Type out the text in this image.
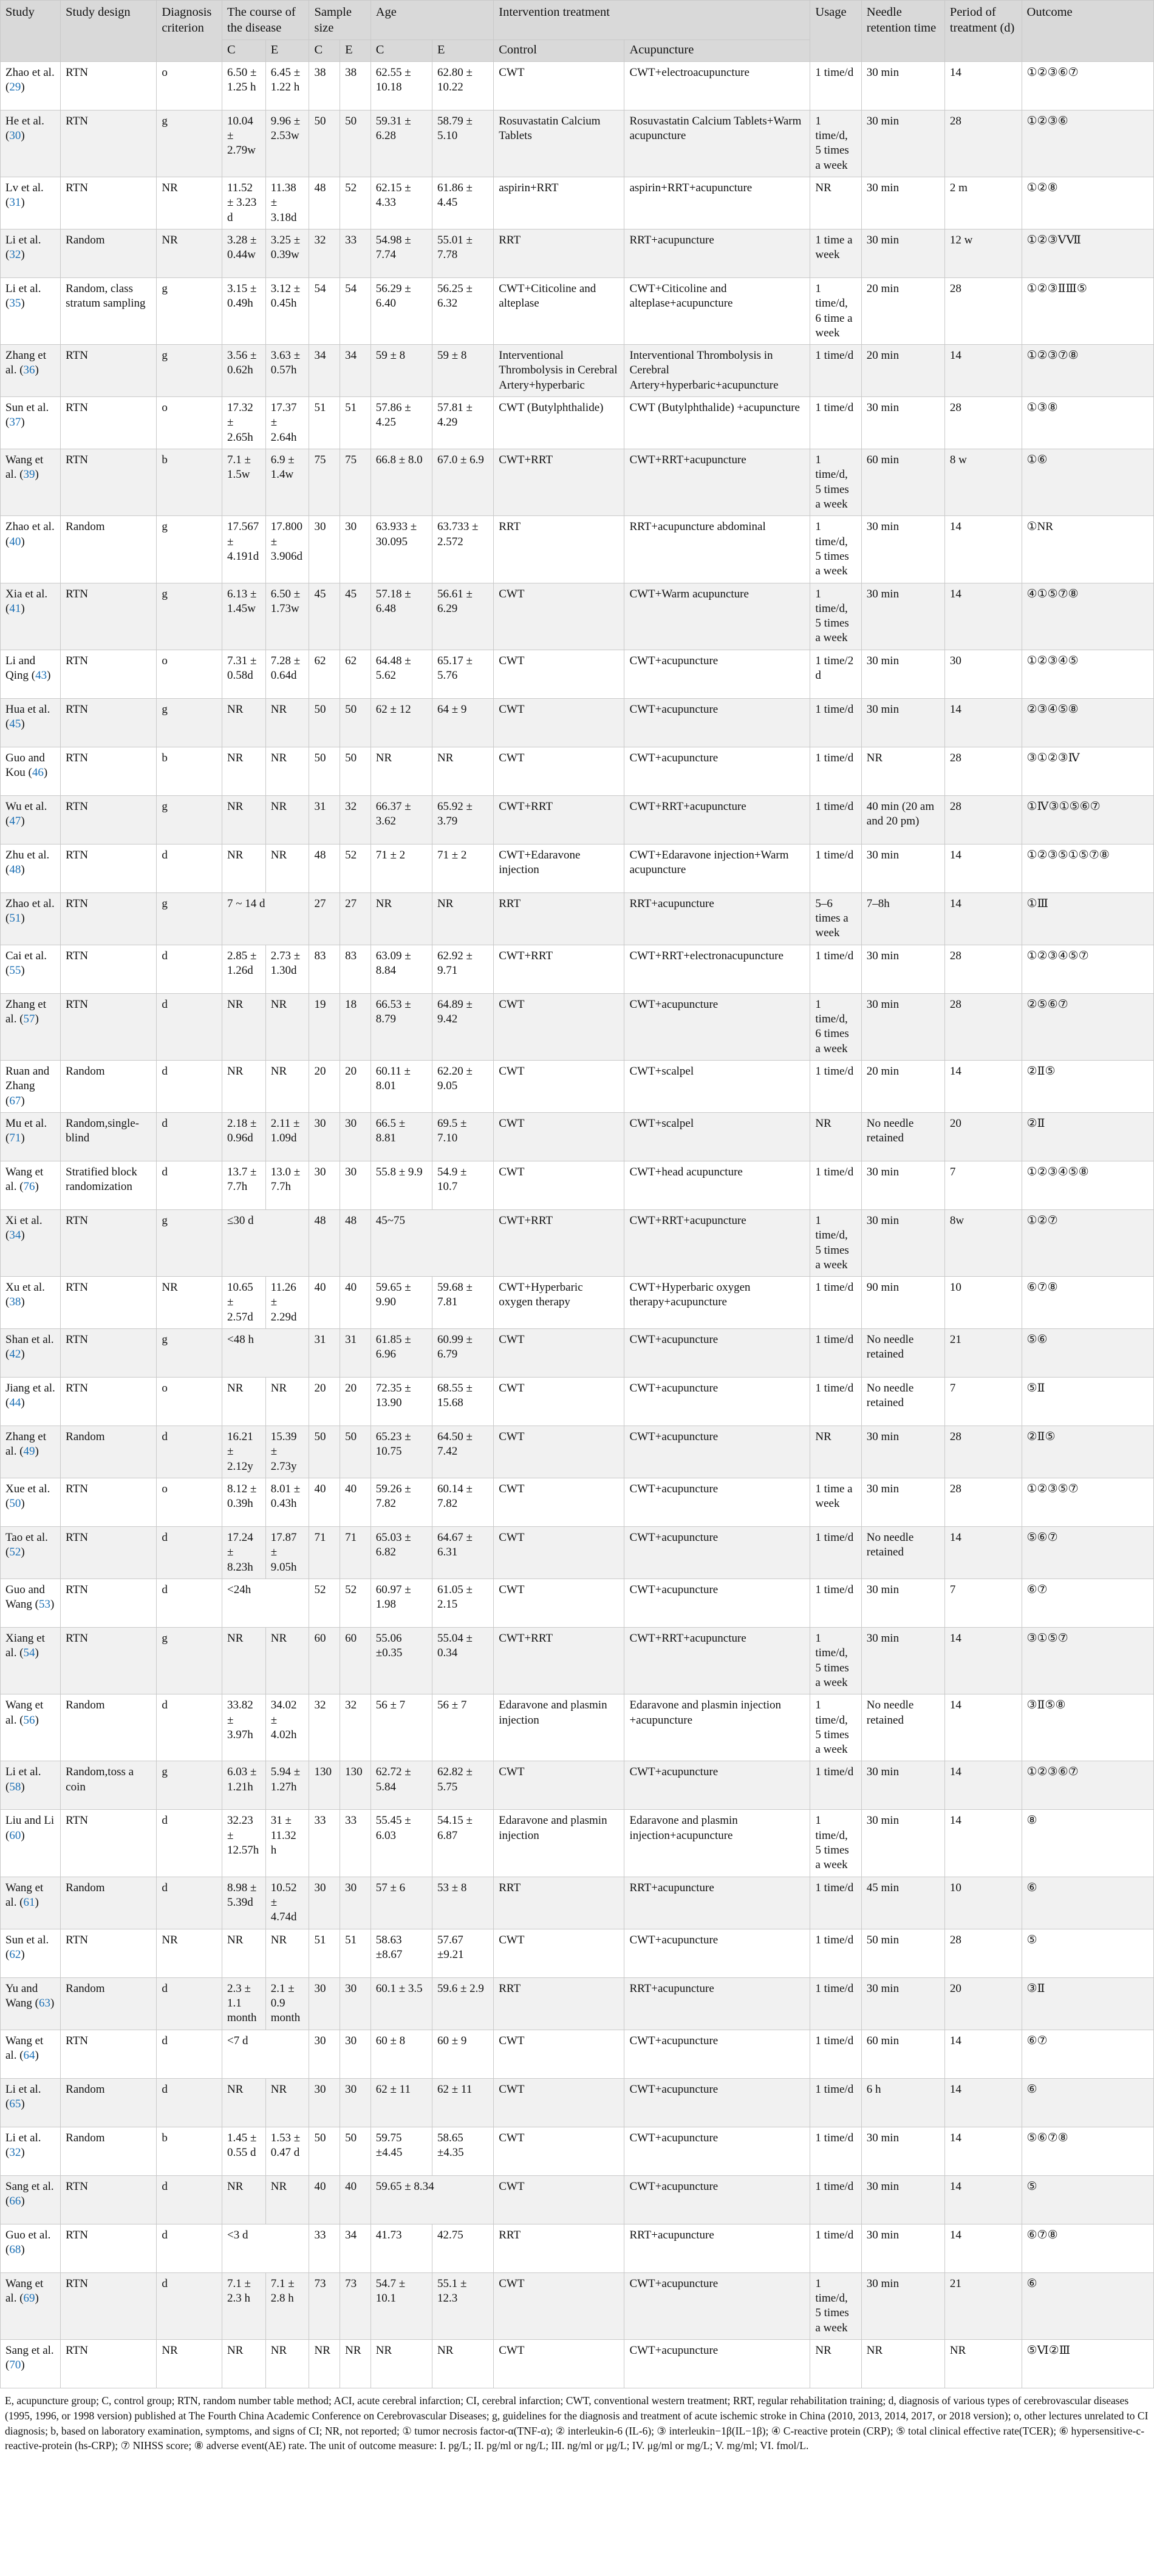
Study	Study design	Diagnosis criterion	The course of the disease		Sample size		Age		Intervention treatment		Usage	Needle retention time	Period of treatment (d)	Outcome
			C	E	C	E	C	E	Control	Acupuncture				
Zhao et al. (29)	RTN	o	6.50 ± 1.25 h	6.45 ± 1.22 h	38	38	62.55 ± 10.18	62.80 ± 10.22	CWT	CWT+electroacupuncture	1 time/d	30 min	14	①②③⑥⑦
He et al. (30)	RTN	g	10.04 ± 2.79w	9.96 ± 2.53w	50	50	59.31 ± 6.28	58.79 ± 5.10	Rosuvastatin Calcium Tablets	Rosuvastatin Calcium Tablets+Warm acupuncture	1 time/d, 5 times a week	30 min	28	①②③⑥
Lv et al. (31)	RTN	NR	11.52 ± 3.23 d	11.38 ± 3.18d	48	52	62.15 ± 4.33	61.86 ± 4.45	aspirin+RRT	aspirin+RRT+acupuncture	NR	30 min	2 m	①②⑧
Li et al. (32)	Random	NR	3.28 ± 0.44w	3.25 ± 0.39w	32	33	54.98 ± 7.74	55.01 ± 7.78	RRT	RRT+acupuncture	1 time a week	30 min	12 w	①②③ⅤⅦ
Li et al. (35)	Random, class stratum sampling	g	3.15 ± 0.49h	3.12 ± 0.45h	54	54	56.29 ± 6.40	56.25 ± 6.32	CWT+Citicoline and alteplase	CWT+Citicoline and alteplase+acupuncture	1 time/d, 6 time a week	20 min	28	①②③ⅡⅢ⑤
Zhang et al. (36)	RTN	g	3.56 ± 0.62h	3.63 ± 0.57h	34	34	59 ± 8	59 ± 8	Interventional Thrombolysis in Cerebral Artery+hyperbaric	Interventional Thrombolysis in Cerebral Artery+hyperbaric+acupuncture	1 time/d	20 min	14	①②③⑦⑧
Sun et al. (37)	RTN	o	17.32 ± 2.65h	17.37 ± 2.64h	51	51	57.86 ± 4.25	57.81 ± 4.29	CWT (Butylphthalide)	CWT (Butylphthalide) +acupuncture	1 time/d	30 min	28	①③⑧
Wang et al. (39)	RTN	b	7.1 ± 1.5w	6.9 ± 1.4w	75	75	66.8 ± 8.0	67.0 ± 6.9	CWT+RRT	CWT+RRT+acupuncture	1 time/d, 5 times a week	60 min	8 w	①⑥
Zhao et al. (40)	Random	g	17.567 ± 4.191d	17.800 ± 3.906d	30	30	63.933 ± 30.095	63.733 ± 2.572	RRT	RRT+acupuncture abdominal	1 time/d, 5 times a week	30 min	14	①NR
Xia et al. (41)	RTN	g	6.13 ± 1.45w	6.50 ± 1.73w	45	45	57.18 ± 6.48	56.61 ± 6.29	CWT	CWT+Warm acupuncture	1 time/d, 5 times a week	30 min	14	④①⑤⑦⑧
Li and Qing (43)	RTN	o	7.31 ± 0.58d	7.28 ± 0.64d	62	62	64.48 ± 5.62	65.17 ± 5.76	CWT	CWT+acupuncture	1 time/2 d	30 min	30	①②③④⑤
Hua et al. (45)	RTN	g	NR	NR	50	50	62 ± 12	64 ± 9	CWT	CWT+acupuncture	1 time/d	30 min	14	②③④⑤⑧
Guo and Kou (46)	RTN	b	NR	NR	50	50	NR	NR	CWT	CWT+acupuncture	1 time/d	NR	28	③①②③Ⅳ
Wu et al. (47)	RTN	g	NR	NR	31	32	66.37 ± 3.62	65.92 ± 3.79	CWT+RRT	CWT+RRT+acupuncture	1 time/d	40 min (20 am and 20 pm)	28	①Ⅳ③①⑤⑥⑦
Zhu et al. (48)	RTN	d	NR	NR	48	52	71 ± 2	71 ± 2	CWT+Edaravone injection	CWT+Edaravone injection+Warm acupuncture	1 time/d	30 min	14	①②③⑤①⑤⑦⑧
Zhao et al. (51)	RTN	g	7 ~ 14 d		27	27	NR	NR	RRT	RRT+acupuncture	5–6 times a week	7–8h	14	①Ⅲ
Cai et al. (55)	RTN	d	2.85 ± 1.26d	2.73 ± 1.30d	83	83	63.09 ± 8.84	62.92 ± 9.71	CWT+RRT	CWT+RRT+electronacupuncture	1 time/d	30 min	28	①②③④⑤⑦
Zhang et al. (57)	RTN	d	NR	NR	19	18	66.53 ± 8.79	64.89 ± 9.42	CWT	CWT+acupuncture	1 time/d, 6 times a week	30 min	28	②⑤⑥⑦
Ruan and Zhang (67)	Random	d	NR	NR	20	20	60.11 ± 8.01	62.20 ± 9.05	CWT	CWT+scalpel	1 time/d	20 min	14	②Ⅱ⑤
Mu et al. (71)	Random,single-blind	d	2.18 ± 0.96d	2.11 ± 1.09d	30	30	66.5 ± 8.81	69.5 ± 7.10	CWT	CWT+scalpel	NR	No needle retained	20	②Ⅱ
Wang et al. (76)	Stratified block randomization	d	13.7 ± 7.7h	13.0 ± 7.7h	30	30	55.8 ± 9.9	54.9 ± 10.7	CWT	CWT+head acupuncture	1 time/d	30 min	7	①②③④⑤⑧
Xi et al. (34)	RTN	g	≤30 d		48	48	45~75		CWT+RRT	CWT+RRT+acupuncture	1 time/d, 5 times a week	30 min	8w	①②⑦
Xu et al. (38)	RTN	NR	10.65 ± 2.57d	11.26 ± 2.29d	40	40	59.65 ± 9.90	59.68 ± 7.81	CWT+Hyperbaric oxygen therapy	CWT+Hyperbaric oxygen therapy+acupuncture	1 time/d	90 min	10	⑥⑦⑧
Shan et al. (42)	RTN	g	<48 h		31	31	61.85 ± 6.96	60.99 ± 6.79	CWT	CWT+acupuncture	1 time/d	No needle retained	21	⑤⑥
Jiang et al. (44)	RTN	o	NR	NR	20	20	72.35 ± 13.90	68.55 ± 15.68	CWT	CWT+acupuncture	1 time/d	No needle retained	7	⑤Ⅱ
Zhang et al. (49)	Random	d	16.21 ± 2.12y	15.39 ± 2.73y	50	50	65.23 ± 10.75	64.50 ± 7.42	CWT	CWT+acupuncture	NR	30 min	28	②Ⅱ⑤
Xue et al. (50)	RTN	o	8.12 ± 0.39h	8.01 ± 0.43h	40	40	59.26 ± 7.82	60.14 ± 7.82	CWT	CWT+acupuncture	1 time a week	30 min	28	①②③⑤⑦
Tao et al. (52)	RTN	d	17.24 ± 8.23h	17.87 ± 9.05h	71	71	65.03 ± 6.82	64.67 ± 6.31	CWT	CWT+acupuncture	1 time/d	No needle retained	14	⑤⑥⑦
Guo and Wang (53)	RTN	d	<24h		52	52	60.97 ± 1.98	61.05 ± 2.15	CWT	CWT+acupuncture	1 time/d	30 min	7	⑥⑦
Xiang et al. (54)	RTN	g	NR	NR	60	60	55.06 ±0.35	55.04 ± 0.34	CWT+RRT	CWT+RRT+acupuncture	1 time/d, 5 times a week	30 min	14	③①⑤⑦
Wang et al. (56)	Random	d	33.82 ± 3.97h	34.02 ± 4.02h	32	32	56 ± 7	56 ± 7	Edaravone and plasmin injection	Edaravone and plasmin injection +acupuncture	1 time/d, 5 times a week	No needle retained	14	③Ⅱ⑤⑧
Li et al. (58)	Random,toss a coin	g	6.03 ± 1.21h	5.94 ± 1.27h	130	130	62.72 ± 5.84	62.82 ± 5.75	CWT	CWT+acupuncture	1 time/d	30 min	14	①②③⑥⑦
Liu and Li (60)	RTN	d	32.23 ± 12.57h	31 ± 11.32 h	33	33	55.45 ± 6.03	54.15 ± 6.87	Edaravone and plasmin injection	Edaravone and plasmin injection+acupuncture	1 time/d, 5 times a week	30 min	14	⑧
Wang et al. (61)	Random	d	8.98 ± 5.39d	10.52 ± 4.74d	30	30	57 ± 6	53 ± 8	RRT	RRT+acupuncture	1 time/d	45 min	10	⑥
Sun et al. (62)	RTN	NR	NR	NR	51	51	58.63 ±8.67	57.67 ±9.21	CWT	CWT+acupuncture	1 time/d	50 min	28	⑤
Yu and Wang (63)	Random	d	2.3 ± 1.1 month	2.1 ± 0.9 month	30	30	60.1 ± 3.5	59.6 ± 2.9	RRT	RRT+acupuncture	1 time/d	30 min	20	③Ⅱ
Wang et al. (64)	RTN	d	<7 d		30	30	60 ± 8	60 ± 9	CWT	CWT+acupuncture	1 time/d	60 min	14	⑥⑦
Li et al. (65)	Random	d	NR	NR	30	30	62 ± 11	62 ± 11	CWT	CWT+acupuncture	1 time/d	6 h	14	⑥
Li et al. (32)	Random	b	1.45 ± 0.55 d	1.53 ± 0.47 d	50	50	59.75 ±4.45	58.65 ±4.35	CWT	CWT+acupuncture	1 time/d	30 min	14	⑤⑥⑦⑧
Sang et al. (66)	RTN	d	NR	NR	40	40	59.65 ± 8.34		CWT	CWT+acupuncture	1 time/d	30 min	14	⑤
Guo et al. (68)	RTN	d	<3 d		33	34	41.73	42.75	RRT	RRT+acupuncture	1 time/d	30 min	14	⑥⑦⑧
Wang et al. (69)	RTN	d	7.1 ± 2.3 h	7.1 ± 2.8 h	73	73	54.7 ± 10.1	55.1 ± 12.3	CWT	CWT+acupuncture	1 time/d, 5 times a week	30 min	21	⑥
Sang et al. (70)	RTN	NR	NR	NR	NR	NR	NR	NR	CWT	CWT+acupuncture	NR	NR	NR	⑤Ⅵ②Ⅲ
E, acupuncture group; C, control group; RTN, random number table method; ACI, acute cerebral infarction; CI, cerebral infarction; CWT, conventional western treatment; RRT, regular rehabilitation training; d, diagnosis of various types of cerebrovascular diseases (1995, 1996, or 1998 version) published at The Fourth China Academic Conference on Cerebrovascular Diseases; g, guidelines for the diagnosis and treatment of acute ischemic stroke in China (2010, 2013, 2014, 2017, or 2018 version); o, other lectures unrelated to CI diagnosis; b, based on laboratory examination, symptoms, and signs of CI; NR, not reported; ① tumor necrosis factor-α(TNF-α); ② interleukin-6 (IL-6); ③ interleukin−1β(IL−1β); ④ C-reactive protein (CRP); ⑤ total clinical effective rate(TCER); ⑥ hypersensitive-c-reactive-protein (hs-CRP); ⑦ NIHSS score; ⑧ adverse event(AE) rate. The unit of outcome measure: I. pg/L; II. pg/ml or ng/L; III. ng/ml or μg/L; IV. μg/ml or mg/L; V. mg/ml; VI. fmol/L.
